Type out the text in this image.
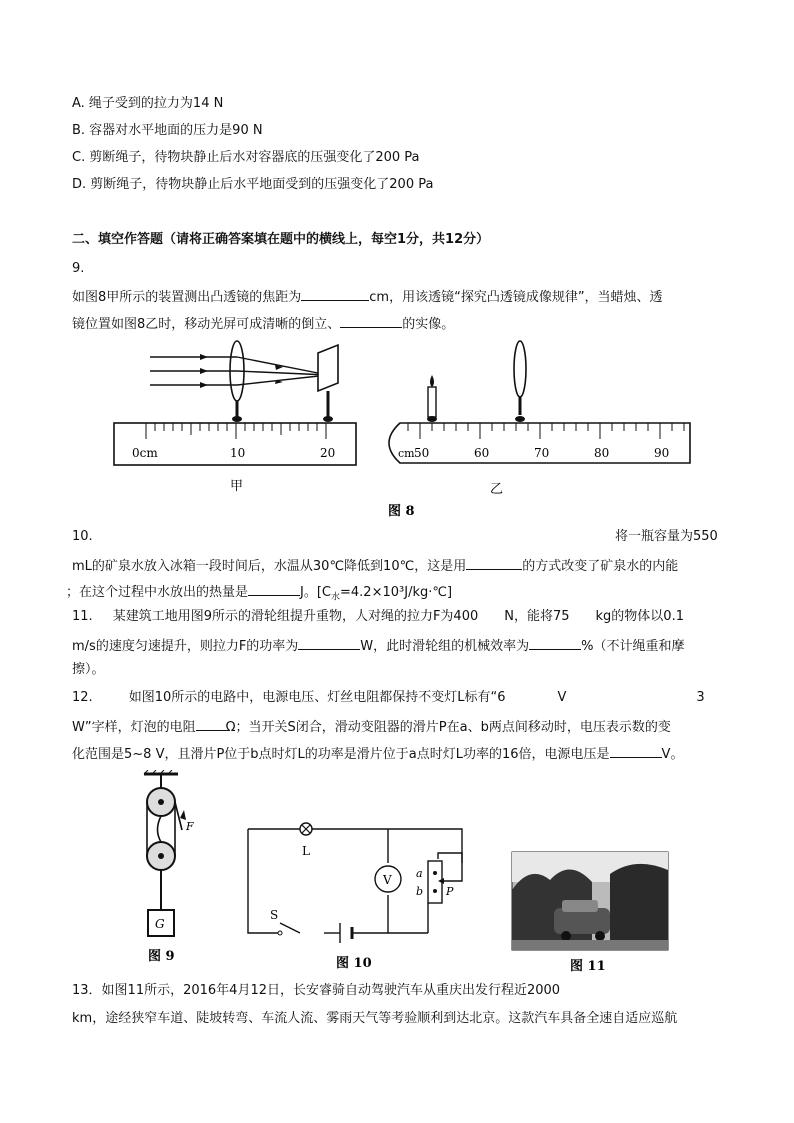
A. 绳子受到的拉力为14 N
B. 容器对水平地面的压力是90 N
C. 剪断绳子，待物块静止后水对容器底的压强变化了200 Pa
D. 剪断绳子，待物块静止后水平地面受到的压强变化了200 Pa
二、填空作答题（请将正确答案填在题中的横线上，每空1分，共12分）
9.
如图8甲所示的装置测出凸透镜的焦距为	cm，用该透镜“探究凸透镜成像规律”，当蜡烛、透
镜位置如图8乙时，移动光屏可成清晰的倒立、	的实像。
0cm	10	20	cm 50	60	70	80	90
甲	乙
图 8
10.	将一瓶容量为550
mL的矿泉水放入冰箱一段时间后，水温从30℃降低到10℃，这是用	的方式改变了矿泉水的内能
；在这个过程中水放出的热量是	J。$[C_水=4.2\times 10^3J/kg\cdot℃]$
11. 某建筑工地用图9所示的滑轮组提升重物，人对绳的拉力F为400　　N，能将75　　kg的物体以0.1
m/s的速度匀速提升，则拉力F的功率为	W，此时滑轮组的机械效率为	%（不计绳重和摩
擦）。
12.	如图10所示的电路中，电源电压、灯丝电阻都保持不变灯L标有“6　　　　V　　　　　　　　　　3
W”字样，灯泡的电阻 Ω；当开关S闭合，滑动变阻器的滑片P在a、b两点间移动时，电压表示数的变
化范围是5~8 V，且滑片P位于b点时灯L的功率是滑片位于a点时灯L功率的16倍，电源电压是	V。
F
G
图 9
L
V a
b P
S
图 10	图 11
13．如图11所示，2016年4月12日，长安睿骑自动驾驶汽车从重庆出发行程近2000
km，途经狭窄车道、陡坡转弯、车流人流、雾雨天气等考验顺利到达北京。这款汽车具备全速自适应巡航
